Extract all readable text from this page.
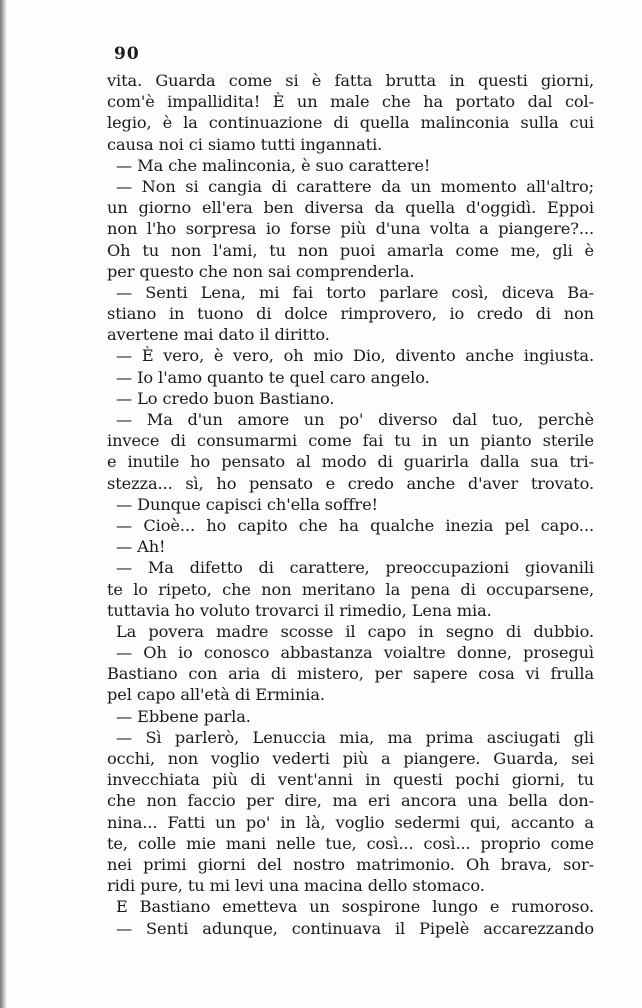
90
vita. Guarda come si è fatta brutta in questi giorni,
com'è impallidita! È un male che ha portato dal col-
legio, è la continuazione di quella malinconia sulla cui
causa noi ci siamo tutti ingannati.
— Ma che malinconia, è suo carattere!
— Non si cangia di carattere da un momento all'altro;
un giorno ell'era ben diversa da quella d'oggidì. Eppoi
non l'ho sorpresa io forse più d'una volta a piangere?...
Oh tu non l'ami, tu non puoi amarla come me, gli è
per questo che non sai comprenderla.
— Senti Lena, mi fai torto parlare così, diceva Ba-
stiano in tuono di dolce rimprovero, io credo di non
avertene mai dato il diritto.
— È vero, è vero, oh mio Dio, divento anche ingiusta.
— Io l'amo quanto te quel caro angelo.
— Lo credo buon Bastiano.
— Ma d'un amore un po' diverso dal tuo, perchè
invece di consumarmi come fai tu in un pianto sterile
e inutile ho pensato al modo di guarirla dalla sua tri-
stezza... sì, ho pensato e credo anche d'aver trovato.
— Dunque capisci ch'ella soffre!
— Cioè... ho capito che ha qualche inezia pel capo...
— Ah!
— Ma difetto di carattere, preoccupazioni giovanili
te lo ripeto, che non meritano la pena di occuparsene,
tuttavia ho voluto trovarci il rimedio, Lena mia.
La povera madre scosse il capo in segno di dubbio.
— Oh io conosco abbastanza voialtre donne, proseguì
Bastiano con aria di mistero, per sapere cosa vi frulla
pel capo all'età di Erminia.
— Ebbene parla.
— Sì parlerò, Lenuccia mia, ma prima asciugati gli
occhi, non voglio vederti più a piangere. Guarda, sei
invecchiata più di vent'anni in questi pochi giorni, tu
che non faccio per dire, ma eri ancora una bella don-
nina... Fatti un po' in là, voglio sedermi qui, accanto a
te, colle mie mani nelle tue, così... così... proprio come
nei primi giorni del nostro matrimonio. Oh brava, sor-
ridi pure, tu mi levi una macina dello stomaco.
E Bastiano emetteva un sospirone lungo e rumoroso.
— Senti adunque, continuava il Pipelè accarezzando
